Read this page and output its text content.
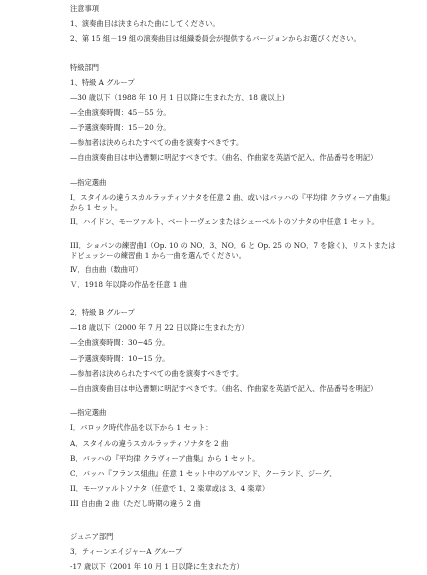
注意事項
1、演奏曲目は決まられた曲にしてください。
2、第 15 組－19 組の演奏曲目は組織委員会が提供するバージョンからお選びください。
特級部門
1、特級 A グループ
—30 歳以下（1988 年 10 月 1 日以降に生まれた方、18 歳以上)
—全曲演奏時間：45－55 分。
—予選演奏時間：15－20 分。
—参加者は決められたすべての曲を演奏すべきです。
—自由演奏曲目は申込書類に明記すべきです。（曲名、作曲家を英語で記入、作品番号を明記）
—指定選曲
Ⅰ．スタイルの違うスカルラッティソナタを任意 2 曲、或いはバッハの『平均律 クラヴィーア曲集』から 1 セット。
II．ハイドン、モーツァルト、ベートーヴェンまたはシューベルトのソナタの中任意 1 セット。
III．ショパンの練習曲Ⅰ（Op. 10 の NO．3、NO．6 と Op. 25 の NO．7 を除く)、リストまたはドビュッシーの練習曲 1 から一曲を選んでください。
Ⅳ．自由曲（数曲可）
Ｖ．1918 年以降の作品を任意 1 曲
2．特級 B グループ
—18 歳以下（2000 年 7 月 22 日以降に生まれた方）
—全曲演奏時間：30−45 分。
—予選演奏時間：10−15 分。
—参加者は決められたすべての曲を演奏すべきです。
—自由演奏曲目は申込書類に明記すべきです。（曲名、作曲家を英語で記入、作品番号を明記）
—指定選曲
Ⅰ．バロック時代作品を以下から 1 セット：
A．スタイルの違うスカルラッティソナタを 2 曲
B．バッハの『平均律 クラヴィーア曲集』から 1 セット。
C．バッハ『フランス組曲』任意 1 セット中のアルマンド、クーランド、ジーグ、
II．モーツァルトソナタ（任意で 1、2 楽章或は 3、4 楽章）
III 自由曲 2 曲（ただし時期の違う 2 曲
ジュニア部門
3．ティーンエイジャーA グループ
-17 歳以下（2001 年 10 月 1 日以降に生まれた方）
